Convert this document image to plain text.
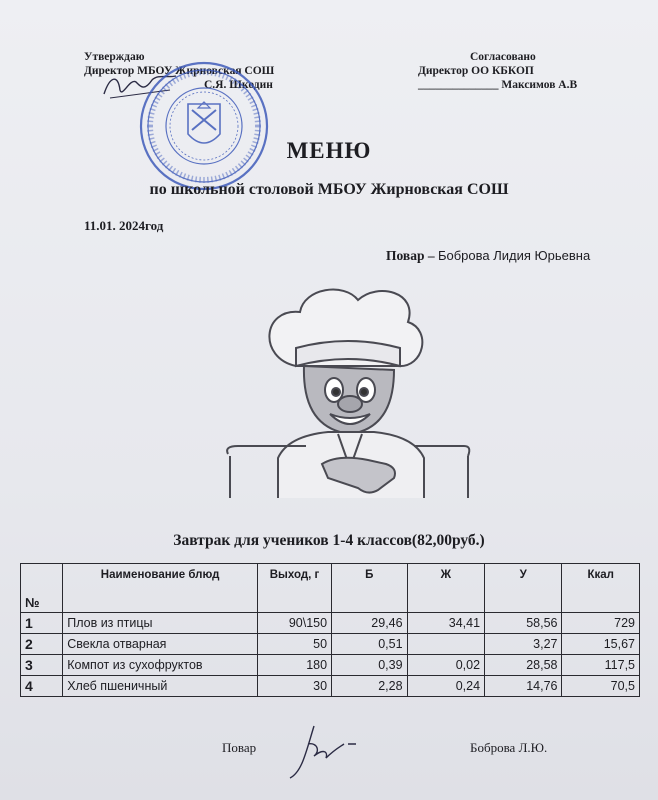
Утверждаю

Директор МБОУ Жирновская СОШ
С.Я. Шкодин
Согласовано
Директор ОО КБКОП
______________ Максимов А.В
МЕНЮ
по школьной столовой МБОУ Жирновская СОШ
11.01. 2024год
Повар – Боброва Лидия Юрьевна
Завтрак для учеников 1-4 классов(82,00руб.)
№	Наименование блюд	Выход, г	Б	Ж	У	Ккал
1	Плов из птицы	90\150	29,46	34,41	58,56	729
2	Свекла отварная	50	0,51		3,27	15,67
3	Компот из сухофруктов	180	0,39	0,02	28,58	117,5
4	Хлеб пшеничный	30	2,28	0,24	14,76	70,5
Повар	Боброва Л.Ю.
